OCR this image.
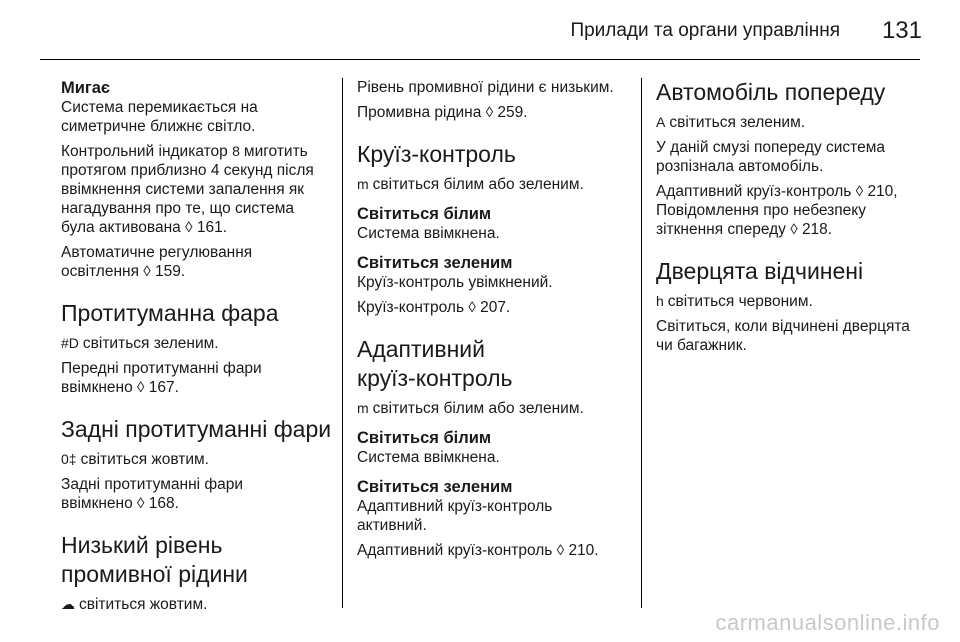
Прилади та органи управління 131

Мигає

Система перемикається на

симетричне ближнє світло.

Контрольний індикатор 8 миготить

протягом приблизно 4 секунд після

ввімкнення системи запалення як

нагадування про те, що система

була активована ◊ 161.

Автоматичне регулювання

освітлення ◊ 159.

Протитуманна фара

#D світиться зеленим.

Передні протитуманні фари

ввімкнено ◊ 167.

Задні протитуманні фари

0‡ світиться жовтим.

Задні протитуманні фари

ввімкнено ◊ 168.

Низький рівень

промивної рідини

☁ світиться жовтим.

Рівень промивної рідини є низьким.

Промивна рідина ◊ 259.

Круїз-контроль

m світиться білим або зеленим.

Світиться білим

Система ввімкнена.

Світиться зеленим

Круїз-контроль увімкнений.

Круїз-контроль ◊ 207.

Адаптивний

круїз-контроль

m світиться білим або зеленим.

Світиться білим

Система ввімкнена.

Світиться зеленим

Адаптивний круїз-контроль

активний.

Адаптивний круїз-контроль ◊ 210.

Автомобіль попереду

A світиться зеленим.

У даній смузі попереду система

розпізнала автомобіль.

Адаптивний круїз-контроль ◊ 210,

Повідомлення про небезпеку

зіткнення спереду ◊ 218.

Дверцята відчинені

h світиться червоним.

Світиться, коли відчинені дверцята

чи багажник.

carmanualsonline.info
